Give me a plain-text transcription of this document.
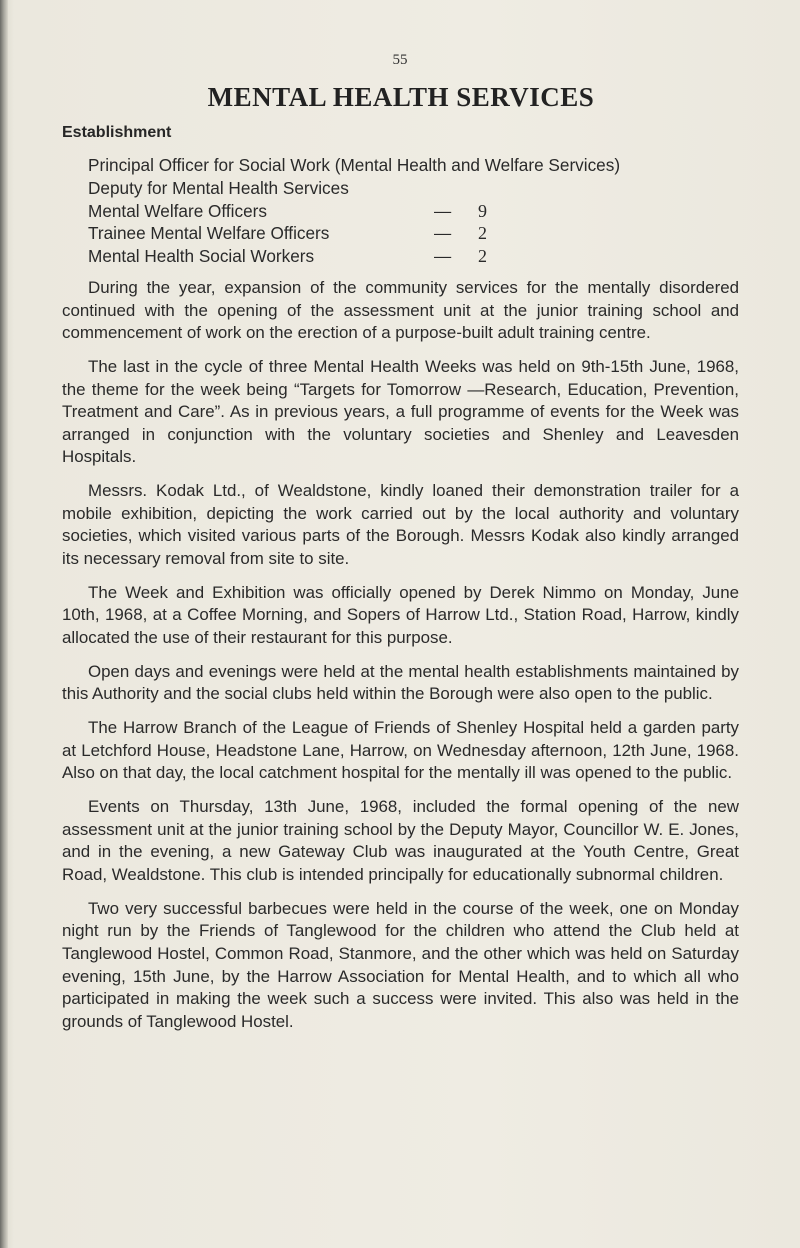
55
MENTAL HEALTH SERVICES
Establishment
Principal Officer for Social Work (Mental Health and Welfare Services)
Deputy for Mental Health Services
Mental Welfare Officers	—	9
Trainee Mental Welfare Officers	—	2
Mental Health Social Workers	—	2

During the year, expansion of the community services for the mentally disordered continued with the opening of the assessment unit at the junior training school and commencement of work on the erection of a purpose-built adult training centre.

The last in the cycle of three Mental Health Weeks was held on 9th-15th June, 1968, the theme for the week being “Targets for Tomorrow —Research, Education, Prevention, Treatment and Care”. As in previous years, a full programme of events for the Week was arranged in conjunction with the voluntary societies and Shenley and Leavesden Hospitals.

Messrs. Kodak Ltd., of Wealdstone, kindly loaned their demonstration trailer for a mobile exhibition, depicting the work carried out by the local authority and voluntary societies, which visited various parts of the Borough. Messrs Kodak also kindly arranged its necessary removal from site to site.

The Week and Exhibition was officially opened by Derek Nimmo on Monday, June 10th, 1968, at a Coffee Morning, and Sopers of Harrow Ltd., Station Road, Harrow, kindly allocated the use of their restaurant for this purpose.

Open days and evenings were held at the mental health establishments maintained by this Authority and the social clubs held within the Borough were also open to the public.

The Harrow Branch of the League of Friends of Shenley Hospital held a garden party at Letchford House, Headstone Lane, Harrow, on Wednesday afternoon, 12th June, 1968. Also on that day, the local catchment hospital for the mentally ill was opened to the public.

Events on Thursday, 13th June, 1968, included the formal opening of the new assessment unit at the junior training school by the Deputy Mayor, Councillor W. E. Jones, and in the evening, a new Gateway Club was inaugurated at the Youth Centre, Great Road, Wealdstone. This club is intended principally for educationally subnormal children.

Two very successful barbecues were held in the course of the week, one on Monday night run by the Friends of Tanglewood for the children who attend the Club held at Tanglewood Hostel, Common Road, Stanmore, and the other which was held on Saturday evening, 15th June, by the Harrow Association for Mental Health, and to which all who participated in making the week such a success were invited. This also was held in the grounds of Tanglewood Hostel.
